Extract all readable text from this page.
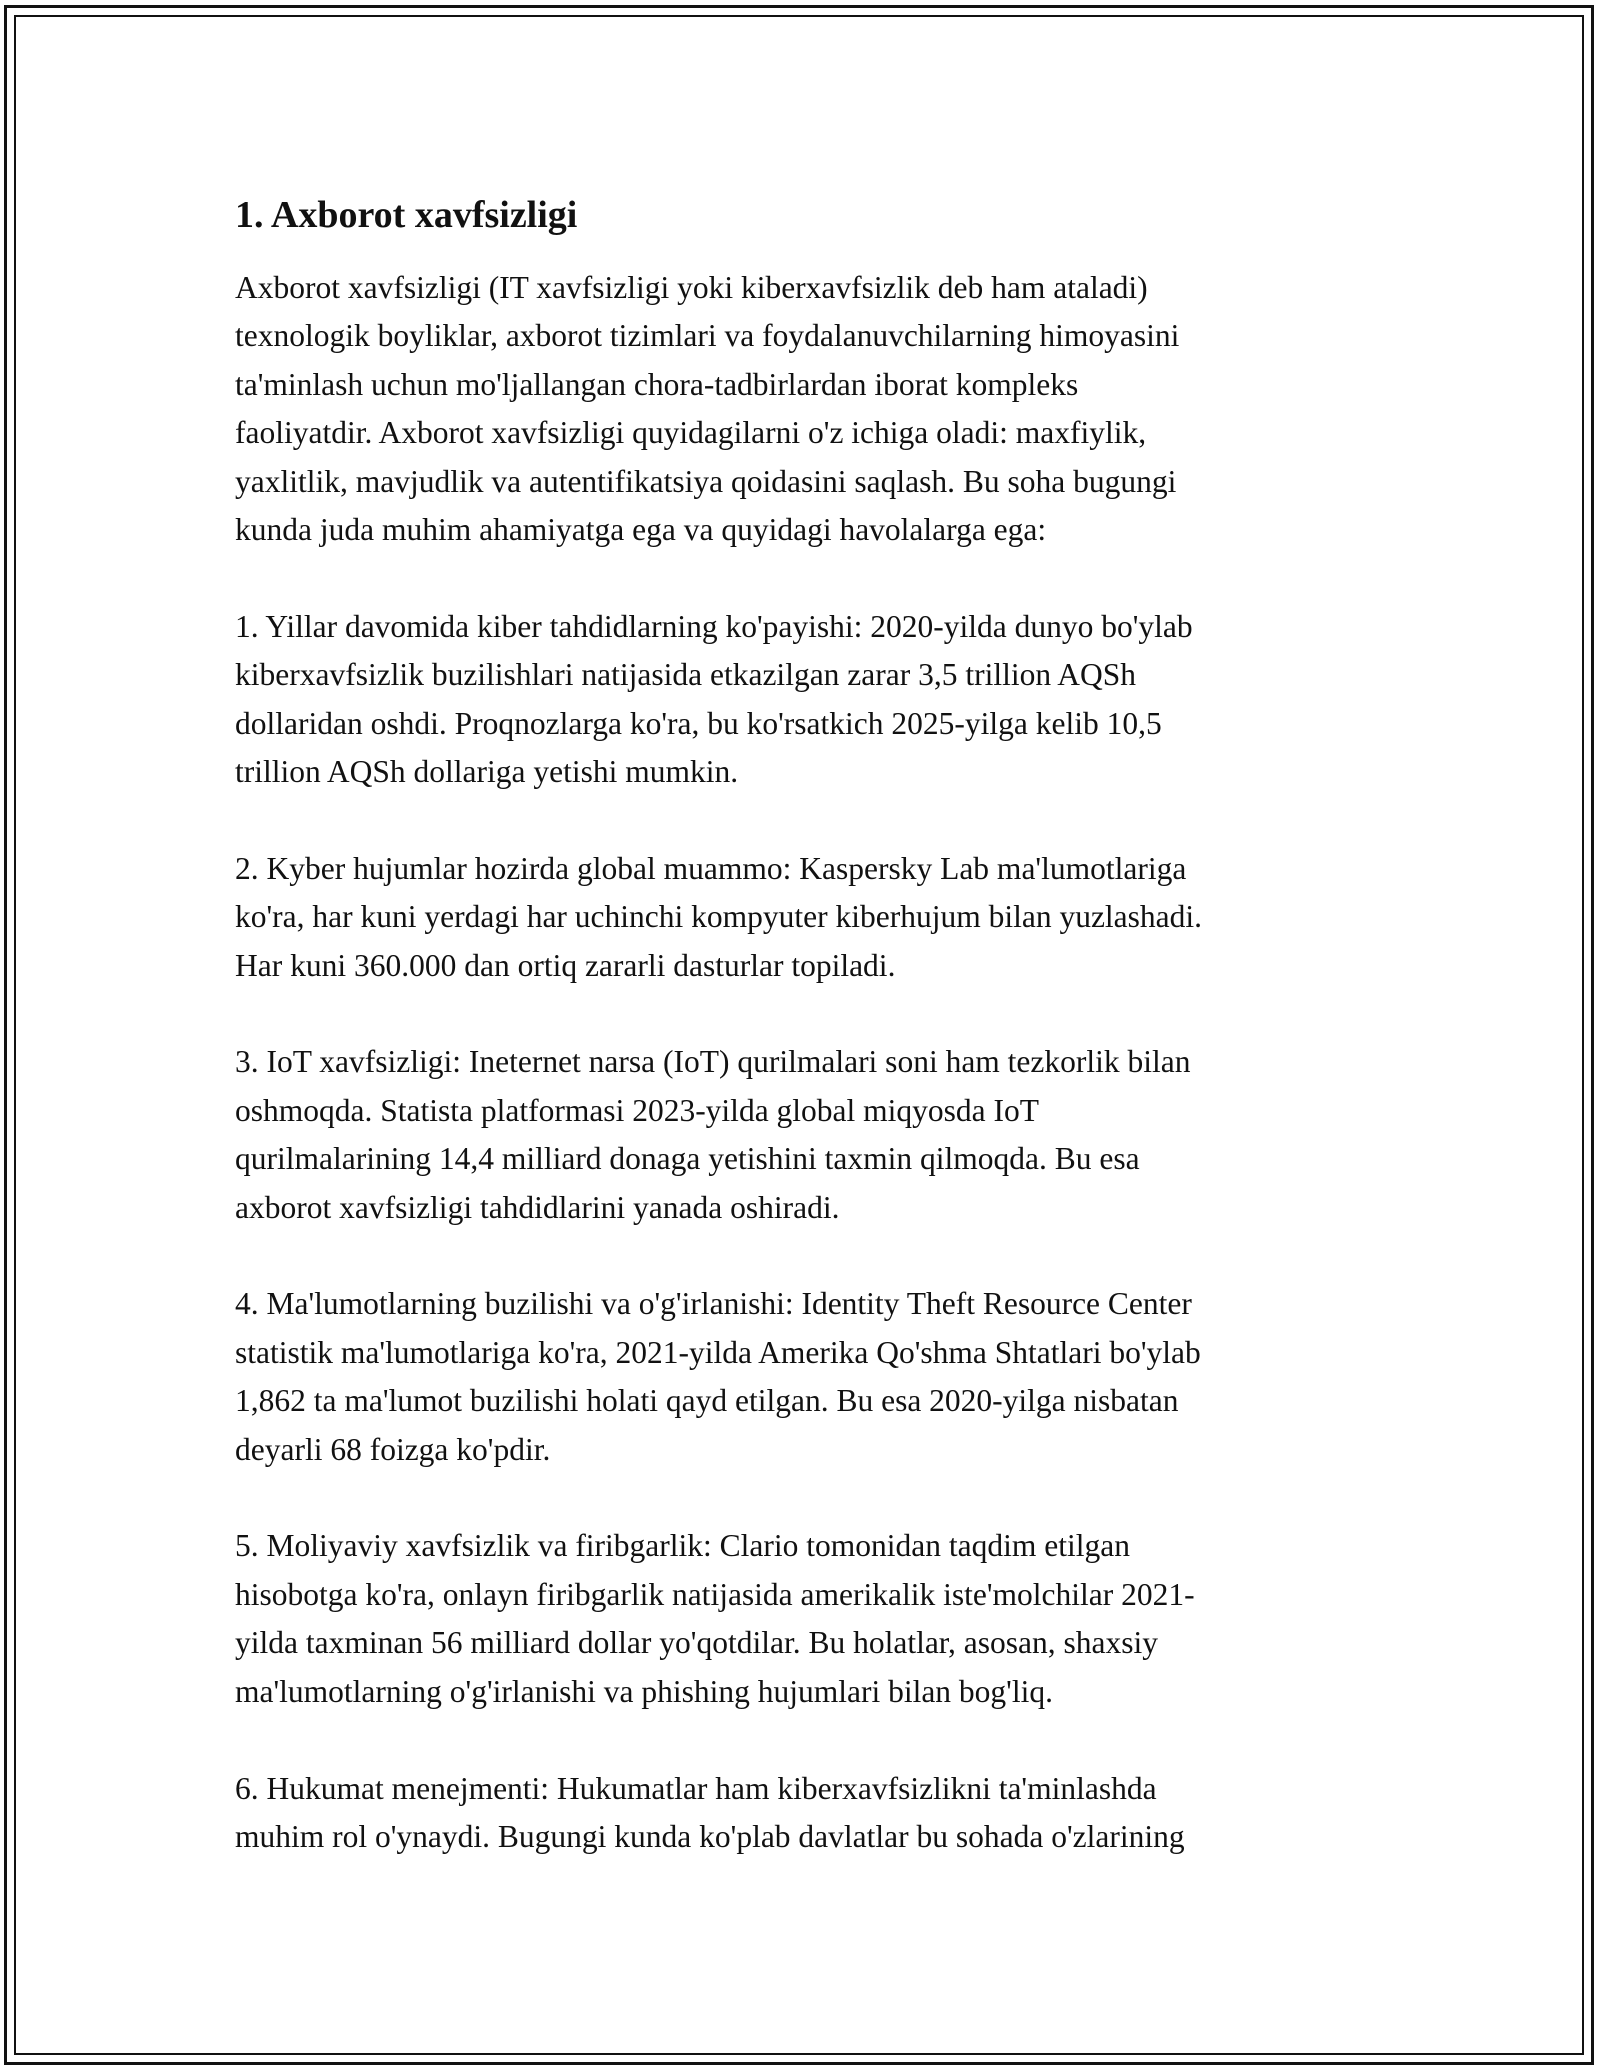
1. Axborot xavfsizligi

Axborot xavfsizligi (IT xavfsizligi yoki kiberxavfsizlik deb ham ataladi)
texnologik boyliklar, axborot tizimlari va foydalanuvchilarning himoyasini
ta'minlash uchun mo'ljallangan chora-tadbirlardan iborat kompleks
faoliyatdir. Axborot xavfsizligi quyidagilarni o'z ichiga oladi: maxfiylik,
yaxlitlik, mavjudlik va autentifikatsiya qoidasini saqlash. Bu soha bugungi
kunda juda muhim ahamiyatga ega va quyidagi havolalarga ega:

1. Yillar davomida kiber tahdidlarning ko'payishi: 2020-yilda dunyo bo'ylab
kiberxavfsizlik buzilishlari natijasida etkazilgan zarar 3,5 trillion AQSh
dollaridan oshdi. Proqnozlarga ko'ra, bu ko'rsatkich 2025-yilga kelib 10,5
trillion AQSh dollariga yetishi mumkin.

2. Kyber hujumlar hozirda global muammo: Kaspersky Lab ma'lumotlariga
ko'ra, har kuni yerdagi har uchinchi kompyuter kiberhujum bilan yuzlashadi.
Har kuni 360.000 dan ortiq zararli dasturlar topiladi.

3. IoT xavfsizligi: Ineternet narsa (IoT) qurilmalari soni ham tezkorlik bilan
oshmoqda. Statista platformasi 2023-yilda global miqyosda IoT
qurilmalarining 14,4 milliard donaga yetishini taxmin qilmoqda. Bu esa
axborot xavfsizligi tahdidlarini yanada oshiradi.

4. Ma'lumotlarning buzilishi va o'g'irlanishi: Identity Theft Resource Center
statistik ma'lumotlariga ko'ra, 2021-yilda Amerika Qo'shma Shtatlari bo'ylab
1,862 ta ma'lumot buzilishi holati qayd etilgan. Bu esa 2020-yilga nisbatan
deyarli 68 foizga ko'pdir.

5. Moliyaviy xavfsizlik va firibgarlik: Clario tomonidan taqdim etilgan
hisobotga ko'ra, onlayn firibgarlik natijasida amerikalik iste'molchilar 2021-
yilda taxminan 56 milliard dollar yo'qotdilar. Bu holatlar, asosan, shaxsiy
ma'lumotlarning o'g'irlanishi va phishing hujumlari bilan bog'liq.

6. Hukumat menejmenti: Hukumatlar ham kiberxavfsizlikni ta'minlashda
muhim rol o'ynaydi. Bugungi kunda ko'plab davlatlar bu sohada o'zlarining
